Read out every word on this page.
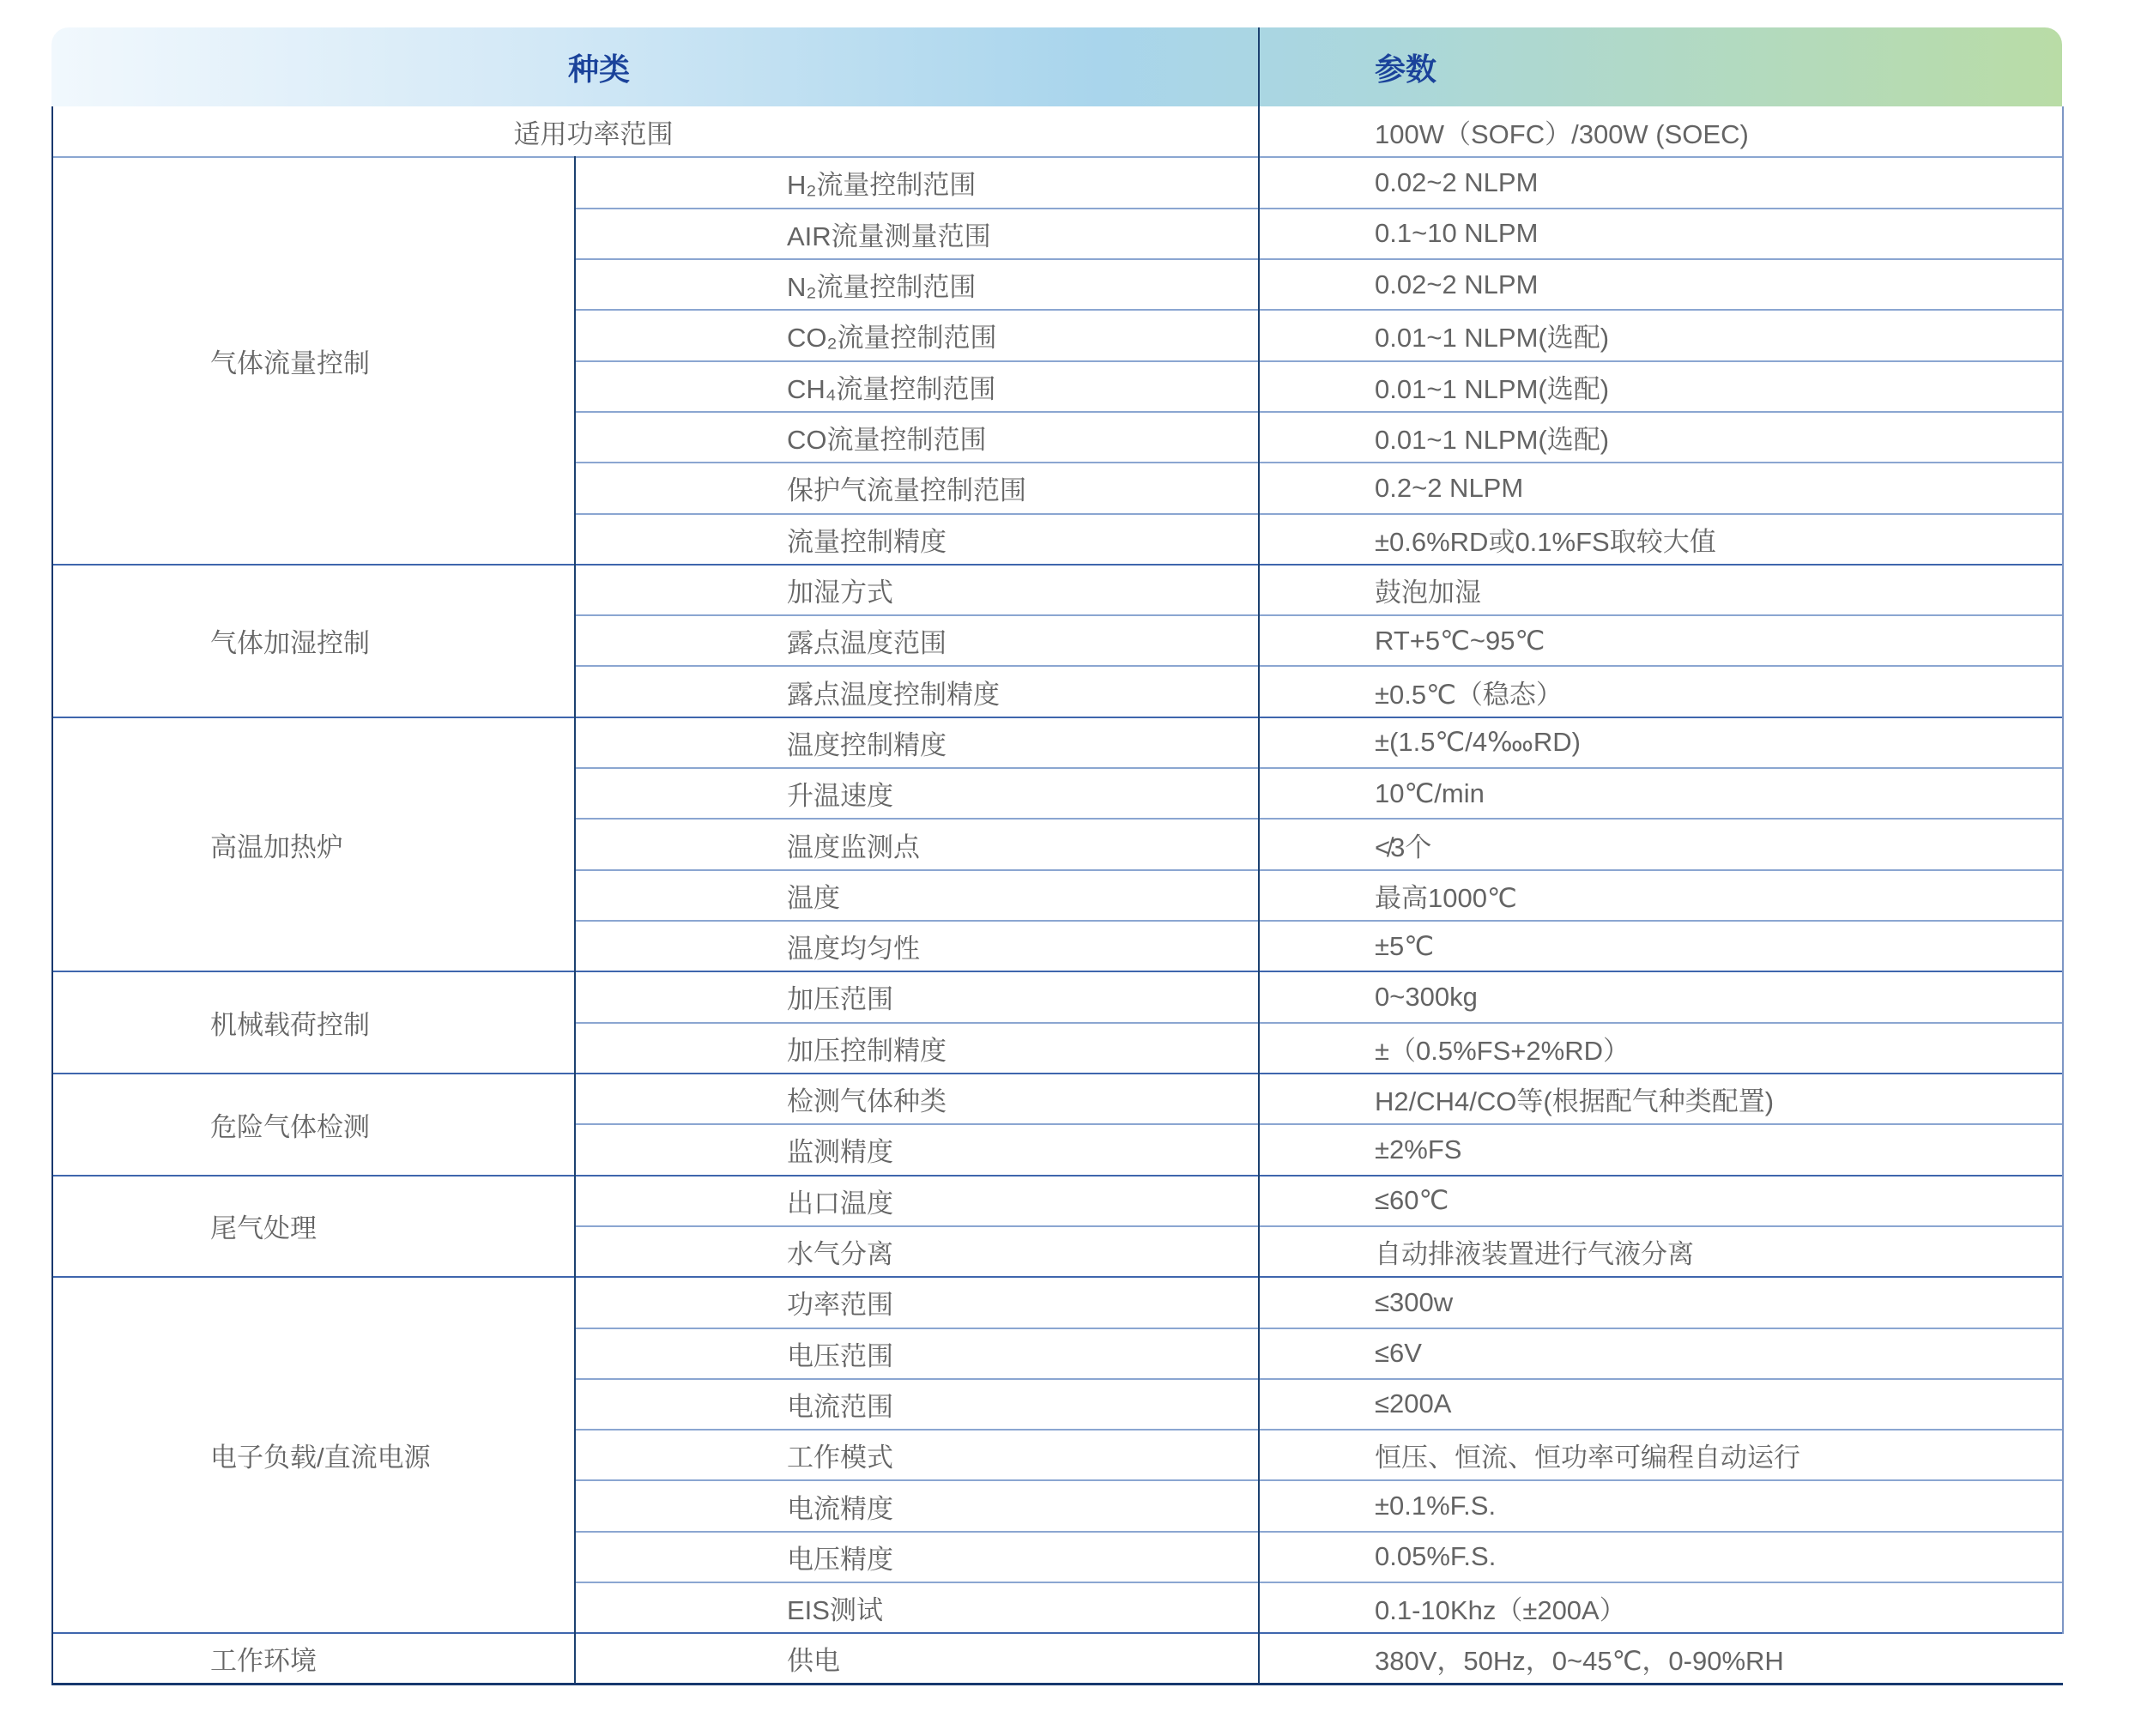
种类	参数
适用功率范围		100W（SOFC）/300W (SOEC)
气体流量控制	H₂流量控制范围	0.02~2 NLPM
	AIR流量测量范围	0.1~10 NLPM
	N₂流量控制范围	0.02~2 NLPM
	CO₂流量控制范围	0.01~1 NLPM(选配)
	CH₄流量控制范围	0.01~1 NLPM(选配)
	CO流量控制范围	0.01~1 NLPM(选配)
	保护气流量控制范围	0.2~2 NLPM
	流量控制精度	±0.6%RD或0.1%FS取较大值
气体加湿控制	加湿方式	鼓泡加湿
	露点温度范围	RT+5℃~95℃
	露点温度控制精度	±0.5℃（稳态）
高温加热炉	温度控制精度	±(1.5℃/4‱RD)
	升温速度	10℃/min
	温度监测点	≮3个
	温度	最高1000℃
	温度均匀性	±5℃
机械载荷控制	加压范围	0~300kg
	加压控制精度	±（0.5%FS+2%RD）
危险气体检测	检测气体种类	H2/CH4/CO等(根据配气种类配置)
	监测精度	±2%FS
尾气处理	出口温度	≤60℃
	水气分离	自动排液装置进行气液分离
电子负载/直流电源	功率范围	≤300w
	电压范围	≤6V
	电流范围	≤200A
	工作模式	恒压、恒流、恒功率可编程自动运行
	电流精度	±0.1%F.S.
	电压精度	0.05%F.S.
	EIS测试	0.1-10Khz（±200A）
工作环境	供电	380V，50Hz，0~45℃，0-90%RH
